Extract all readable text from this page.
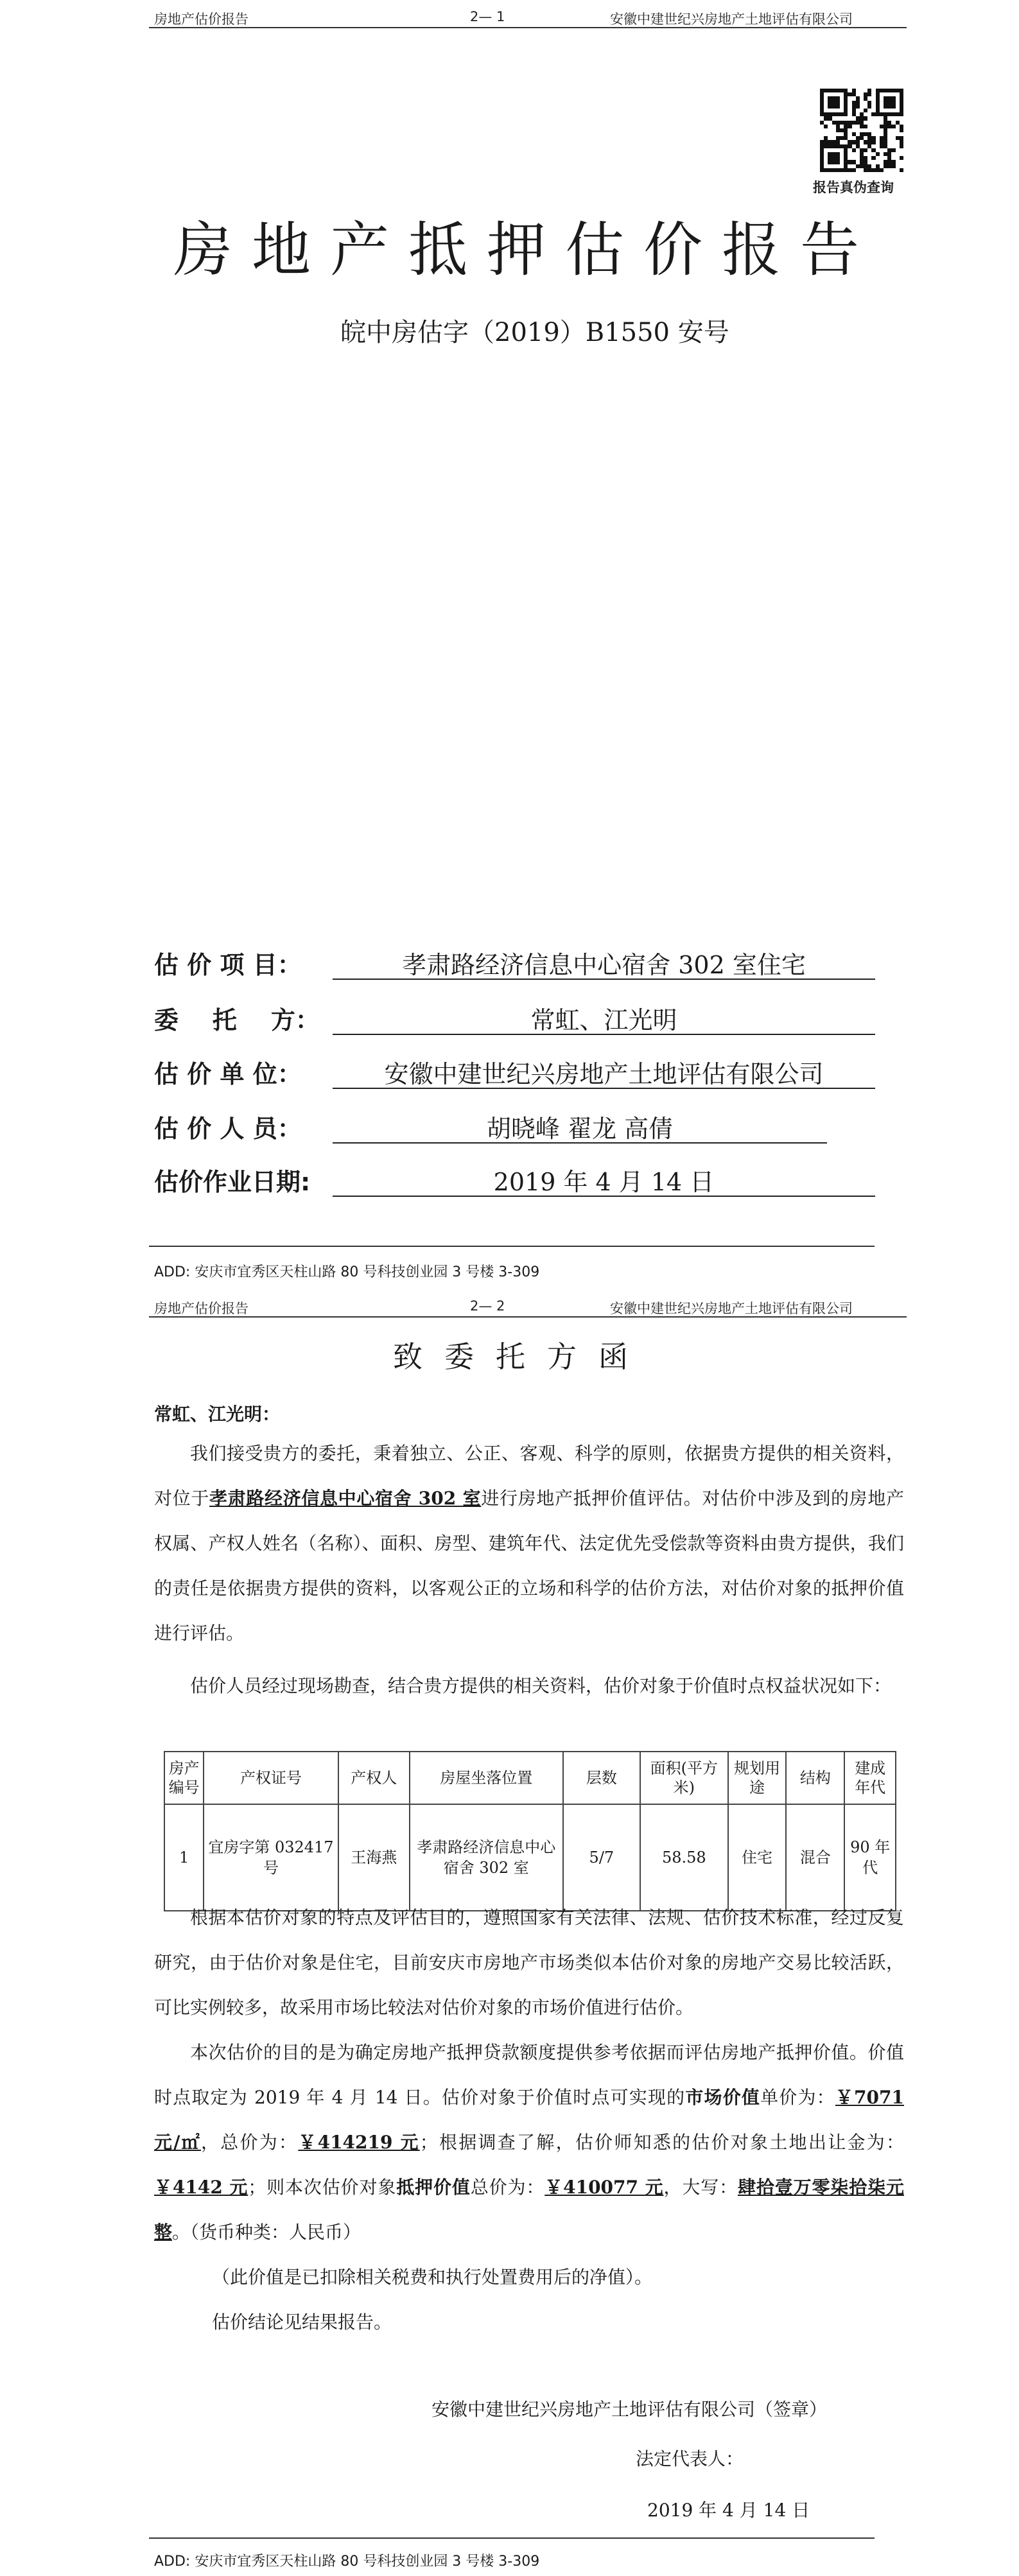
房地产估价报告	2— 1	安徽中建世纪兴房地产土地评估有限公司
报告真伪查询
房地产抵押估价报告
皖中房估字（2019）B1550 安号
估 价 项 目：	孝肃路经济信息中心宿舍 302 室住宅
委    托    方：	常虹、江光明
估 价 单 位：	安徽中建世纪兴房地产土地评估有限公司
估 价 人 员：	胡晓峰 翟龙 高倩
估价作业日期:	2019 年 4 月 14 日
ADD: 安庆市宜秀区天柱山路 80 号科技创业园 3 号楼 3-309
房地产估价报告	2— 2	安徽中建世纪兴房地产土地评估有限公司
致委托方函
常虹、江光明：

我们接受贵方的委托，秉着独立、公正、客观、科学的原则，依据贵方提供的相关资料，对位于孝肃路经济信息中心宿舍 302 室进行房地产抵押价值评估。对估价中涉及到的房地产权属、产权人姓名（名称）、面积、房型、建筑年代、法定优先受偿款等资料由贵方提供，我们的责任是依据贵方提供的资料，以客观公正的立场和科学的估价方法，对估价对象的抵押价值进行评估。

估价人员经过现场勘查，结合贵方提供的相关资料，估价对象于价值时点权益状况如下：

房产编号	产权证号	产权人	房屋坐落位置	层数	面积(平方米)	规划用途	结构	建成年代
1	宜房字第 032417 号	王海燕	孝肃路经济信息中心宿舍 302 室	5/7	58.58	住宅	混合	90 年代

根据本估价对象的特点及评估目的，遵照国家有关法律、法规、估价技术标准，经过反复研究，由于估价对象是住宅，目前安庆市房地产市场类似本估价对象的房地产交易比较活跃，可比实例较多，故采用市场比较法对估价对象的市场价值进行估价。

本次估价的目的是为确定房地产抵押贷款额度提供参考依据而评估房地产抵押价值。价值时点取定为 2019 年 4 月 14 日。估价对象于价值时点可实现的市场价值单价为：￥7071 元/㎡，总价为：￥414219 元；根据调查了解，估价师知悉的估价对象土地出让金为：￥4142 元；则本次估价对象抵押价值总价为：￥410077 元，大写：肆拾壹万零柒拾柒元整。（货币种类：人民币）

（此价值是已扣除相关税费和执行处置费用后的净值）。

估价结论见结果报告。

安徽中建世纪兴房地产土地评估有限公司（签章）
法定代表人：
2019 年 4 月 14 日
ADD: 安庆市宜秀区天柱山路 80 号科技创业园 3 号楼 3-309
